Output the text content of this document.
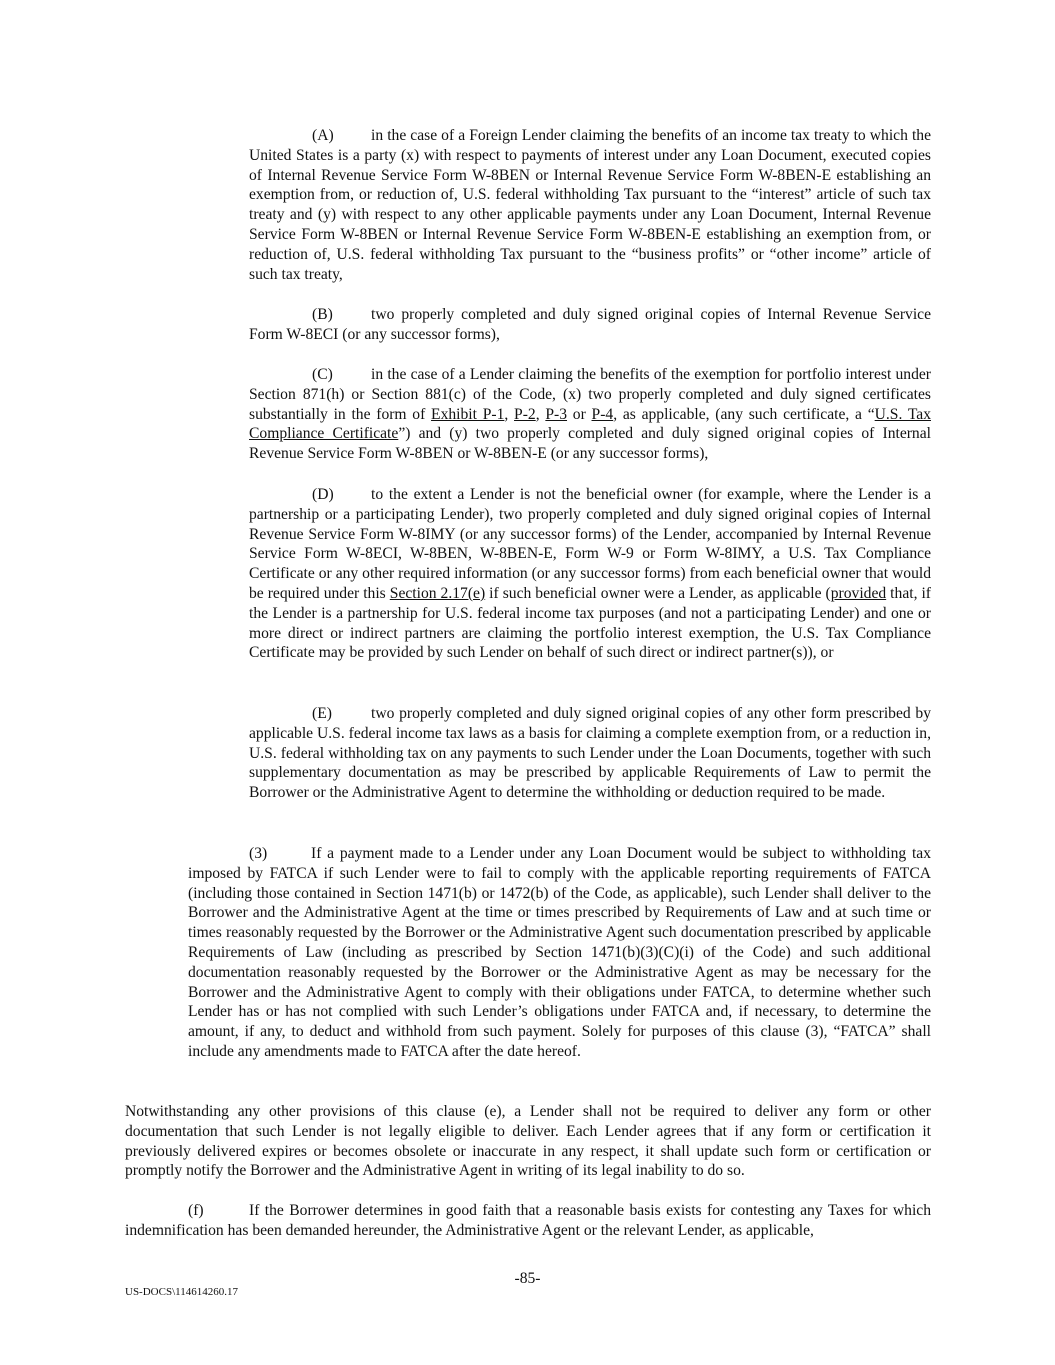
(A) in the case of a Foreign Lender claiming the benefits of an income tax treaty to which the United States is a party (x) with respect to payments of interest under any Loan Document, executed copies of Internal Revenue Service Form W-8BEN or Internal Revenue Service Form W-8BEN-E establishing an exemption from, or reduction of, U.S. federal withholding Tax pursuant to the “interest” article of such tax treaty and (y) with respect to any other applicable payments under any Loan Document, Internal Revenue Service Form W-8BEN or Internal Revenue Service Form W-8BEN-E establishing an exemption from, or reduction of, U.S. federal withholding Tax pursuant to the “business profits” or “other income” article of such tax treaty,

(B) two properly completed and duly signed original copies of Internal Revenue Service Form W-8ECI (or any successor forms),

(C) in the case of a Lender claiming the benefits of the exemption for portfolio interest under Section 871(h) or Section 881(c) of the Code, (x) two properly completed and duly signed certificates substantially in the form of Exhibit P-1, P-2, P-3 or P-4, as applicable, (any such certificate, a “U.S. Tax Compliance Certificate”) and (y) two properly completed and duly signed original copies of Internal Revenue Service Form W-8BEN or W-8BEN-E (or any successor forms),

(D) to the extent a Lender is not the beneficial owner (for example, where the Lender is a partnership or a participating Lender), two properly completed and duly signed original copies of Internal Revenue Service Form W-8IMY (or any successor forms) of the Lender, accompanied by Internal Revenue Service Form W-8ECI, W-8BEN, W-8BEN-E, Form W-9 or Form W-8IMY, a U.S. Tax Compliance Certificate or any other required information (or any successor forms) from each beneficial owner that would be required under this Section 2.17(e) if such beneficial owner were a Lender, as applicable (provided that, if the Lender is a partnership for U.S. federal income tax purposes (and not a participating Lender) and one or more direct or indirect partners are claiming the portfolio interest exemption, the U.S. Tax Compliance Certificate may be provided by such Lender on behalf of such direct or indirect partner(s)), or

(E)	two properly completed and duly signed original copies of any other form prescribed by applicable U.S. federal income tax laws as a basis for claiming a complete exemption from, or a reduction in, U.S. federal withholding tax on any payments to such Lender under the Loan Documents, together with such supplementary documentation as may be prescribed by applicable Requirements of Law to permit the Borrower or the Administrative Agent to determine the withholding or deduction required to be made.

(3)	If a payment made to a Lender under any Loan Document would be subject to withholding tax imposed by FATCA if such Lender were to fail to comply with the applicable reporting requirements of FATCA (including those contained in Section 1471(b) or 1472(b) of the Code, as applicable), such Lender shall deliver to the Borrower and the Administrative Agent at the time or times prescribed by Requirements of Law and at such time or times reasonably requested by the Borrower or the Administrative Agent such documentation prescribed by applicable Requirements of Law (including as prescribed by Section 1471(b)(3)(C)(i) of the Code) and such additional documentation reasonably requested by the Borrower or the Administrative Agent as may be necessary for the Borrower and the Administrative Agent to comply with their obligations under FATCA, to determine whether such Lender has or has not complied with such Lender’s obligations under FATCA and, if necessary, to determine the amount, if any, to deduct and withhold from such payment. Solely for purposes of this clause (3), “FATCA” shall include any amendments made to FATCA after the date hereof.

Notwithstanding any other provisions of this clause (e), a Lender shall not be required to deliver any form or other documentation that such Lender is not legally eligible to deliver. Each Lender agrees that if any form or certification it previously delivered expires or becomes obsolete or inaccurate in any respect, it shall update such form or certification or promptly notify the Borrower and the Administrative Agent in writing of its legal inability to do so.

(f)	If the Borrower determines in good faith that a reasonable basis exists for contesting any Taxes for which indemnification has been demanded hereunder, the Administrative Agent or the relevant Lender, as applicable,

-85-
US-DOCS\114614260.17
